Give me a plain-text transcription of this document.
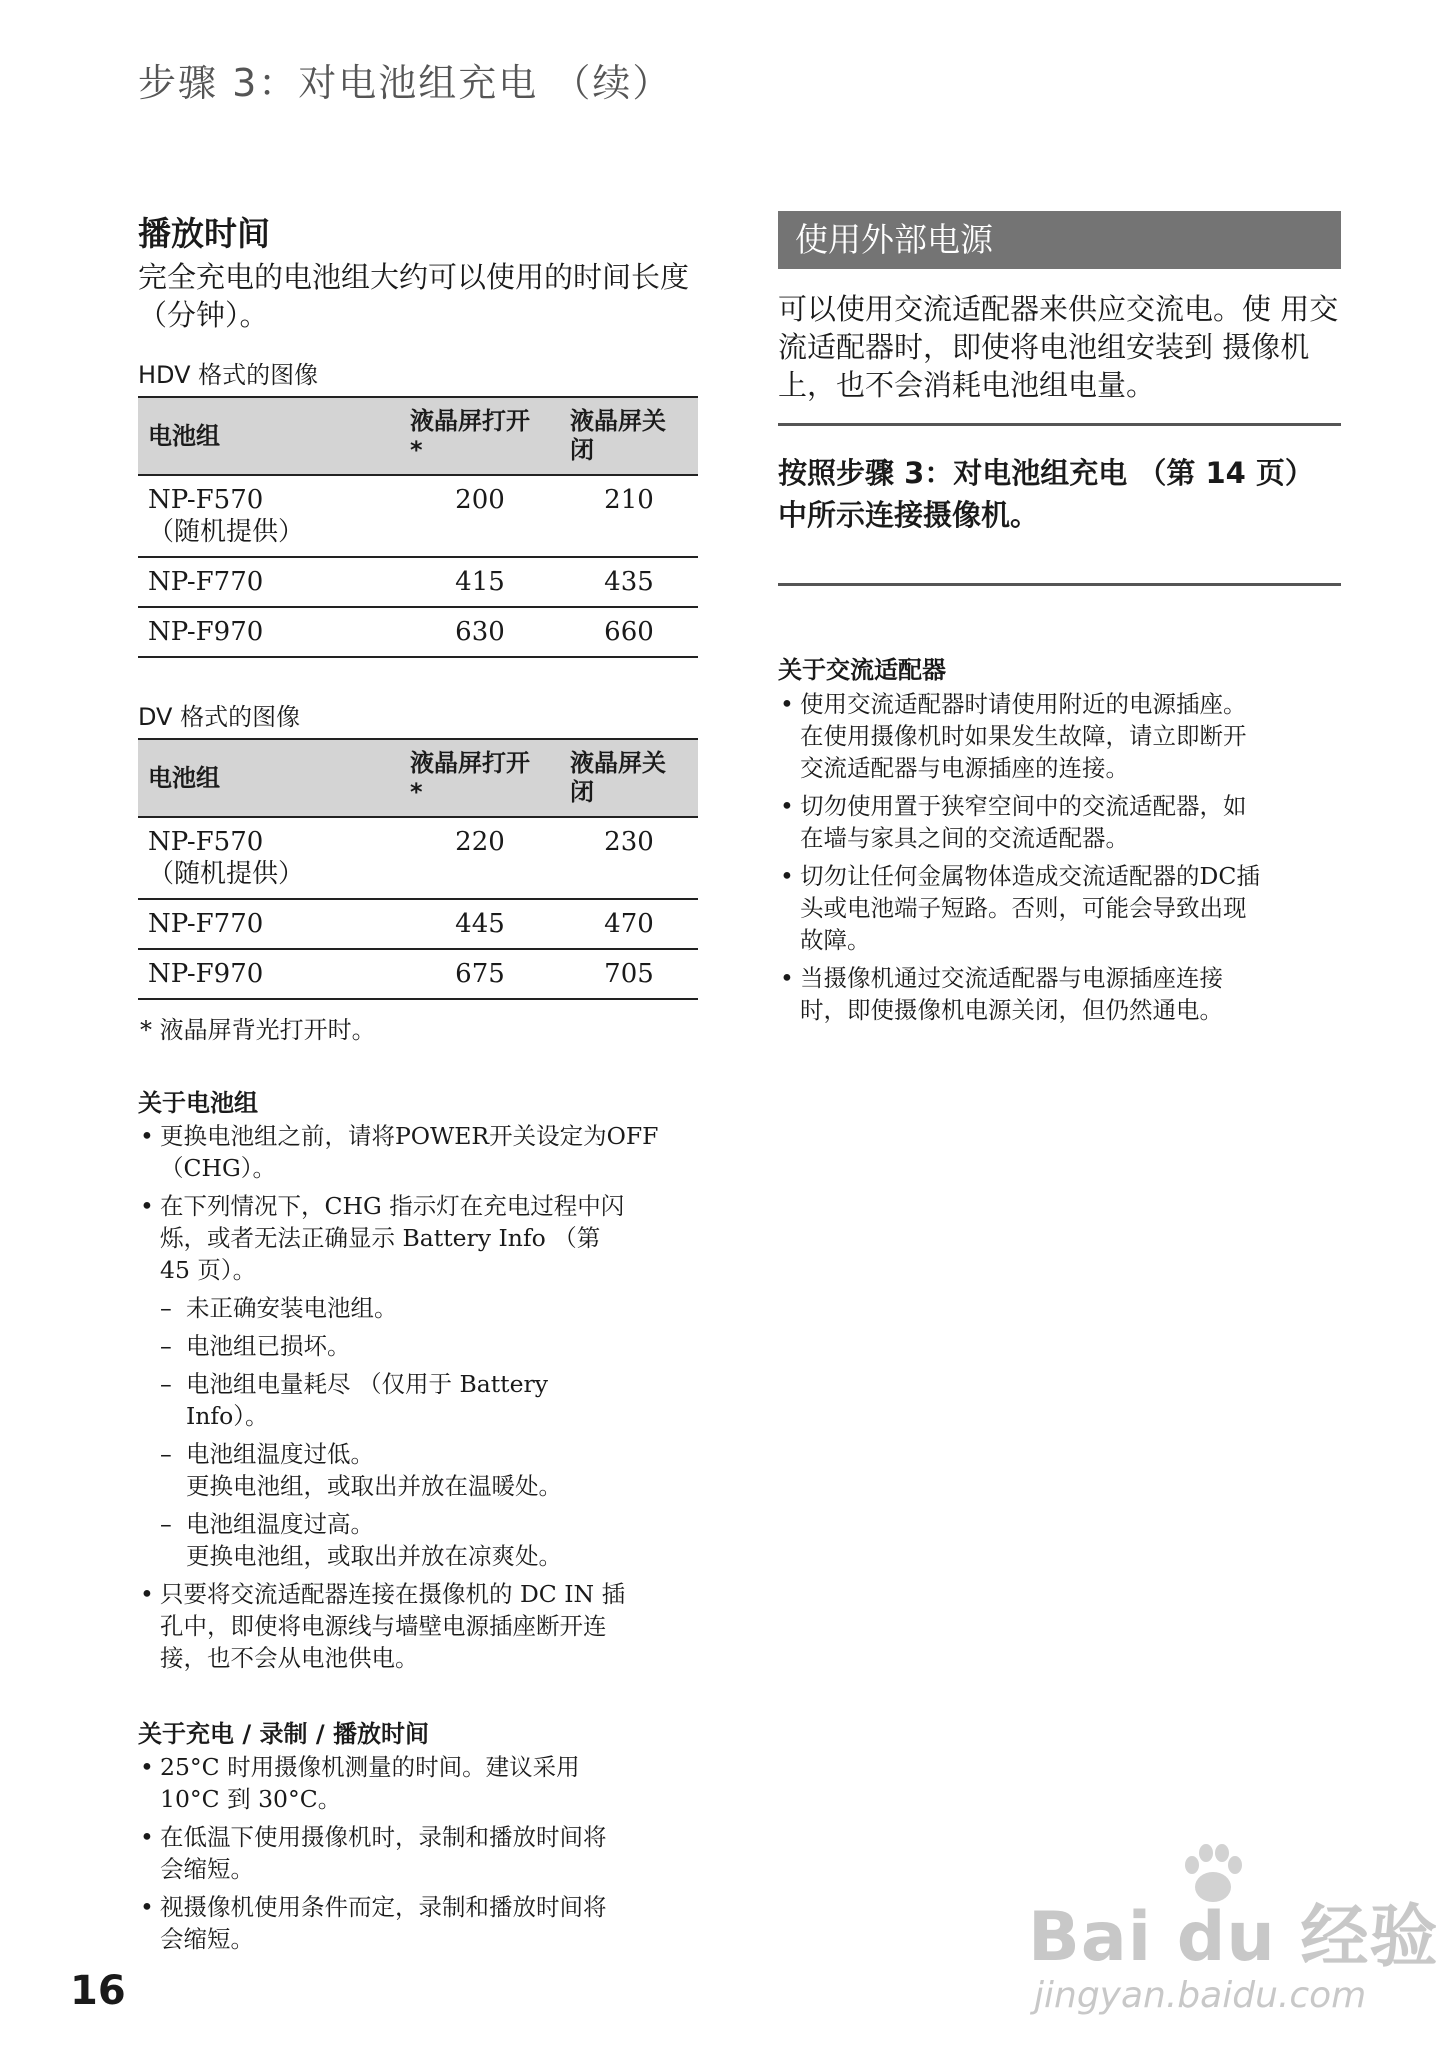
步骤 3：对电池组充电 （续）
播放时间
完全充电的电池组大约可以使用的时间长度 （分钟）。
HDV 格式的图像
电池组	液晶屏打开 *	液晶屏关闭
NP-F570
（随机提供）	200	210
NP-F770	415	435
NP-F970	630	660
DV 格式的图像
电池组	液晶屏打开 *	液晶屏关闭
NP-F570
（随机提供）	220	230
NP-F770	445	470
NP-F970	675	705
* 液晶屏背光打开时。
关于电池组
• 更换电池组之前，请将POWER开关设定为OFF
（CHG）。
• 在下列情况下，CHG 指示灯在充电过程中闪
烁，或者无法正确显示 Battery Info （第
45 页）。
– 未正确安装电池组。
– 电池组已损坏。
– 电池组电量耗尽 （仅用于 Battery
Info）。
– 电池组温度过低。
更换电池组，或取出并放在温暖处。
– 电池组温度过高。
更换电池组，或取出并放在凉爽处。
• 只要将交流适配器连接在摄像机的 DC IN 插
孔中，即使将电源线与墙壁电源插座断开连
接，也不会从电池供电。
关于充电 / 录制 / 播放时间
• 25°C 时用摄像机测量的时间。建议采用
10°C 到 30°C。
• 在低温下使用摄像机时，录制和播放时间将
会缩短。
• 视摄像机使用条件而定，录制和播放时间将
会缩短。
使用外部电源
可以使用交流适配器来供应交流电。使 用交流适配器时，即使将电池组安装到 摄像机上，也不会消耗电池组电量。
按照步骤 3：对电池组充电 （第 14 页） 中所示连接摄像机。
关于交流适配器
• 使用交流适配器时请使用附近的电源插座。
在使用摄像机时如果发生故障，请立即断开
交流适配器与电源插座的连接。
• 切勿使用置于狭窄空间中的交流适配器，如
在墙与家具之间的交流适配器。
• 切勿让任何金属物体造成交流适配器的DC插
头或电池端子短路。否则，可能会导致出现
故障。
• 当摄像机通过交流适配器与电源插座连接
时，即使摄像机电源关闭，但仍然通电。
16
Bai du 经验
jingyan.baidu.com
